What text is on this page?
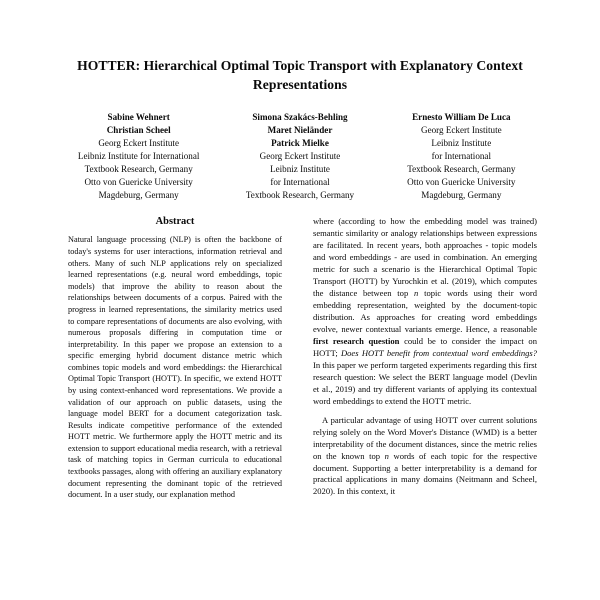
HOTTER: Hierarchical Optimal Topic Transport with Explanatory Context Representations
Sabine Wehnert
Christian Scheel
Georg Eckert Institute
Leibniz Institute for International
Textbook Research, Germany
Otto von Guericke University
Magdeburg, Germany
Simona Szakács-Behling
Maret Nieländer
Patrick Mielke
Georg Eckert Institute
Leibniz Institute
for International
Textbook Research, Germany
Ernesto William De Luca
Georg Eckert Institute
Leibniz Institute
for International
Textbook Research, Germany
Otto von Guericke University
Magdeburg, Germany
Abstract

Natural language processing (NLP) is often the backbone of today's systems for user interactions, information retrieval and others. Many of such NLP applications rely on specialized learned representations (e.g. neural word embeddings, topic models) that improve the ability to reason about the relationships between documents of a corpus. Paired with the progress in learned representations, the similarity metrics used to compare representations of documents are also evolving, with numerous proposals differing in computation time or interpretability. In this paper we propose an extension to a specific emerging hybrid document distance metric which combines topic models and word embeddings: the Hierarchical Optimal Topic Transport (HOTT). In specific, we extend HOTT by using context-enhanced word representations. We provide a validation of our approach on public datasets, using the language model BERT for a document categorization task. Results indicate competitive performance of the extended HOTT metric. We furthermore apply the HOTT metric and its extension to support educational media research, with a retrieval task of matching topics in German curricula to educational textbooks passages, along with offering an auxiliary explanatory document representing the dominant topic of the retrieved document. In a user study, our explanation method

where (according to how the embedding model was trained) semantic similarity or analogy relationships between expressions are facilitated. In recent years, both approaches - topic models and word embeddings - are used in combination. An emerging metric for such a scenario is the Hierarchical Optimal Topic Transport (HOTT) by Yurochkin et al. (2019), which computes the distance between top n topic words using their word embedding representation, weighted by the document-topic distribution. As approaches for creating word embeddings evolve, newer contextual variants emerge. Hence, a reasonable first research question could be to consider the impact on HOTT; Does HOTT benefit from contextual word embeddings? In this paper we perform targeted experiments regarding this first research question: We select the BERT language model (Devlin et al., 2019) and try different variants of applying its contextual word embeddings to extend the HOTT metric.

A particular advantage of using HOTT over current solutions relying solely on the Word Mover's Distance (WMD) is a better interpretability of the document distances, since the metric relies on the known top n words of each topic for the respective document. Supporting a better interpretability is a demand for practical applications in many domains (Neitmann and Scheel, 2020). In this context, it
